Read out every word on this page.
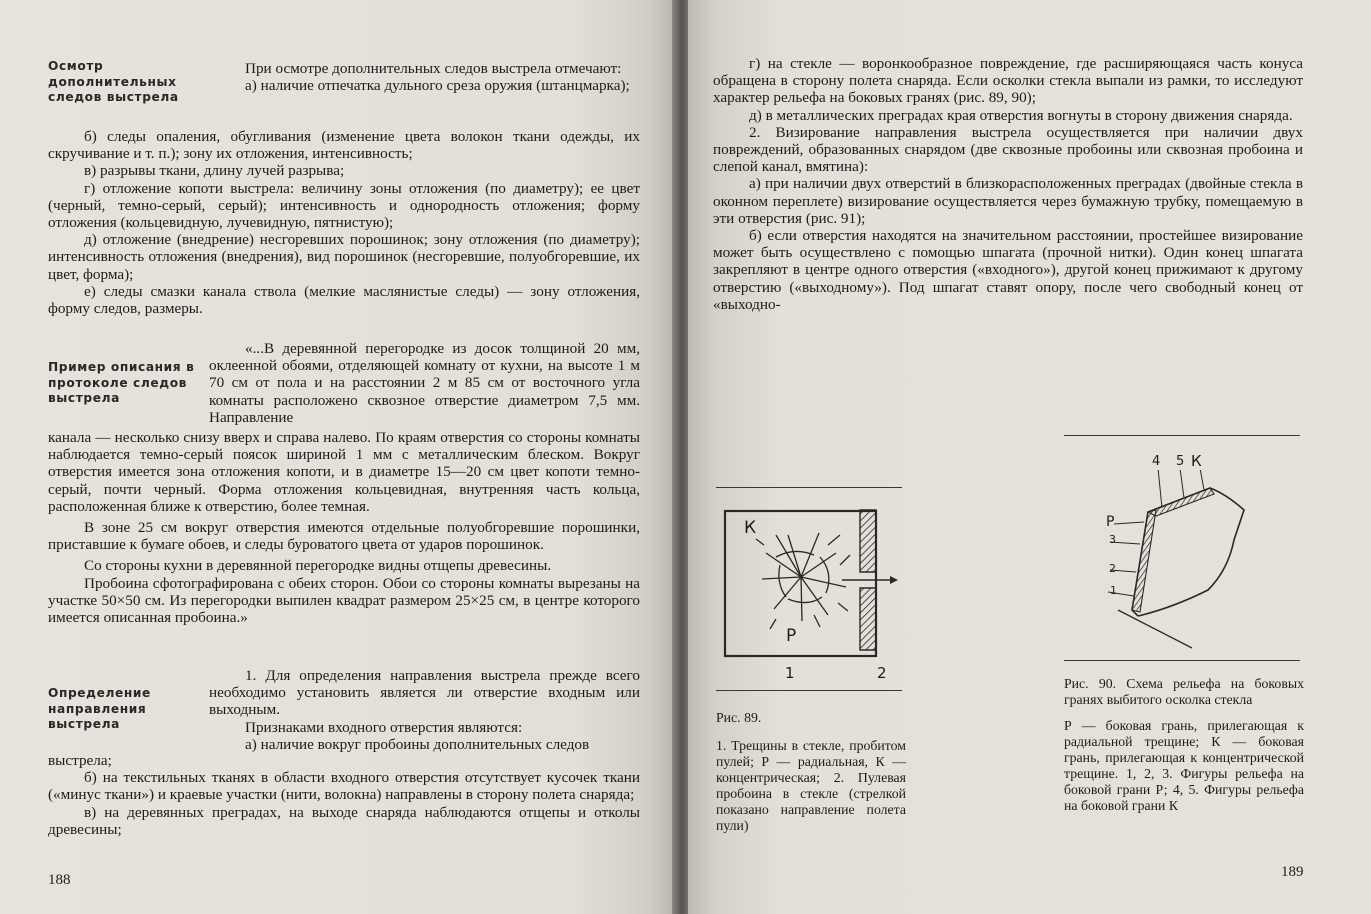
Осмотр дополнительных следов выстрела

При осмотре дополнительных следов выстрела отмечают:

а) наличие отпечатка дульного среза оружия (штанцмарка);

б) следы опаления, обугливания (изменение цвета волокон ткани одежды, их скручивание и т. п.); зону их отложения, интенсивность;

в) разрывы ткани, длину лучей разрыва;

г) отложение копоти выстрела: величину зоны отложения (по диаметру); ее цвет (черный, темно-серый, серый); интенсивность и однородность отложения; форму отложения (кольцевидную, лучевидную, пятнистую);

д) отложение (внедрение) несгоревших порошинок; зону отложения (по диаметру); интенсивность отложения (внедрения), вид порошинок (несгоревшие, полуобгоревшие, их цвет, форма);

е) следы смазки канала ствола (мелкие маслянистые следы) — зону отложения, форму следов, размеры.

Пример описания в протоколе следов выстрела

«...В деревянной перегородке из досок толщиной 20 мм, оклеенной обоями, отделяющей комнату от кухни, на высоте 1 м 70 см от пола и на расстоянии 2 м 85 см от восточного угла комнаты расположено сквозное отверстие диаметром 7,5 мм. Направление

канала — несколько снизу вверх и справа налево. По краям отверстия со стороны комнаты наблюдается темно-серый поясок шириной 1 мм с металлическим блеском. Вокруг отверстия имеется зона отложения копоти, и в диаметре 15—20 см цвет копоти темно-серый, почти черный. Форма отложения кольцевидная, внутренняя часть кольца, расположенная ближе к отверстию, более темная.

В зоне 25 см вокруг отверстия имеются отдельные полуобгоревшие порошинки, приставшие к бумаге обоев, и следы буроватого цвета от ударов порошинок.

Со стороны кухни в деревянной перегородке видны отщепы древесины.

Пробоина сфотографирована с обеих сторон. Обои со стороны комнаты вырезаны на участке 50×50 см. Из перегородки выпилен квадрат размером 25×25 см, в центре которого имеется описанная пробоина.»

Определение направления выстрела

1. Для определения направления выстрела прежде всего необходимо установить является ли отверстие входным или выходным.

Признаками входного отверстия являются:

а) наличие вокруг пробоины дополнительных следов

выстрела;

б) на текстильных тканях в области входного отверстия отсутствует кусочек ткани («минус ткани») и краевые участки (нити, волокна) направлены в сторону полета снаряда;

в) на деревянных преградах, на выходе снаряда наблюдаются отщепы и отколы древесины;

188

г) на стекле — воронкообразное повреждение, где расширяющаяся часть конуса обращена в сторону полета снаряда. Если осколки стекла выпали из рамки, то исследуют характер рельефа на боковых гранях (рис. 89, 90);

д) в металлических преградах края отверстия вогнуты в сторону движения снаряда.

2. Визирование направления выстрела осуществляется при наличии двух повреждений, образованных снарядом (две сквозные пробоины или сквозная пробоина и слепой канал, вмятина):

а) при наличии двух отверстий в близкорасположенных преградах (двойные стекла в оконном переплете) визирование осуществляется через бумажную трубку, помещаемую в эти отверстия (рис. 91);

б) если отверстия находятся на значительном расстоянии, простейшее визирование может быть осуществлено с помощью шпагата (прочной нитки). Один конец шпагата закрепляют в центре одного отверстия («входного»), другой конец прижимают к другому отверстию («выходному»). Под шпагат ставят опору, после чего свободный конец от «выходно-

К
Р
1	2

Рис. 89.

1. Трещины в стекле, пробитом пулей; Р — радиальная, К — концентрическая; 2. Пулевая пробоина в стекле (стрелкой показано направление полета пули)

4 5 К
Р
3
2
1

Рис. 90. Схема рельефа на боковых гранях выбитого осколка стекла

Р — боковая грань, прилегающая к радиальной трещине; К — боковая грань, прилегающая к концентрической трещине. 1, 2, 3. Фигуры рельефа на боковой грани Р; 4, 5. Фигуры рельефа на боковой грани К

189
